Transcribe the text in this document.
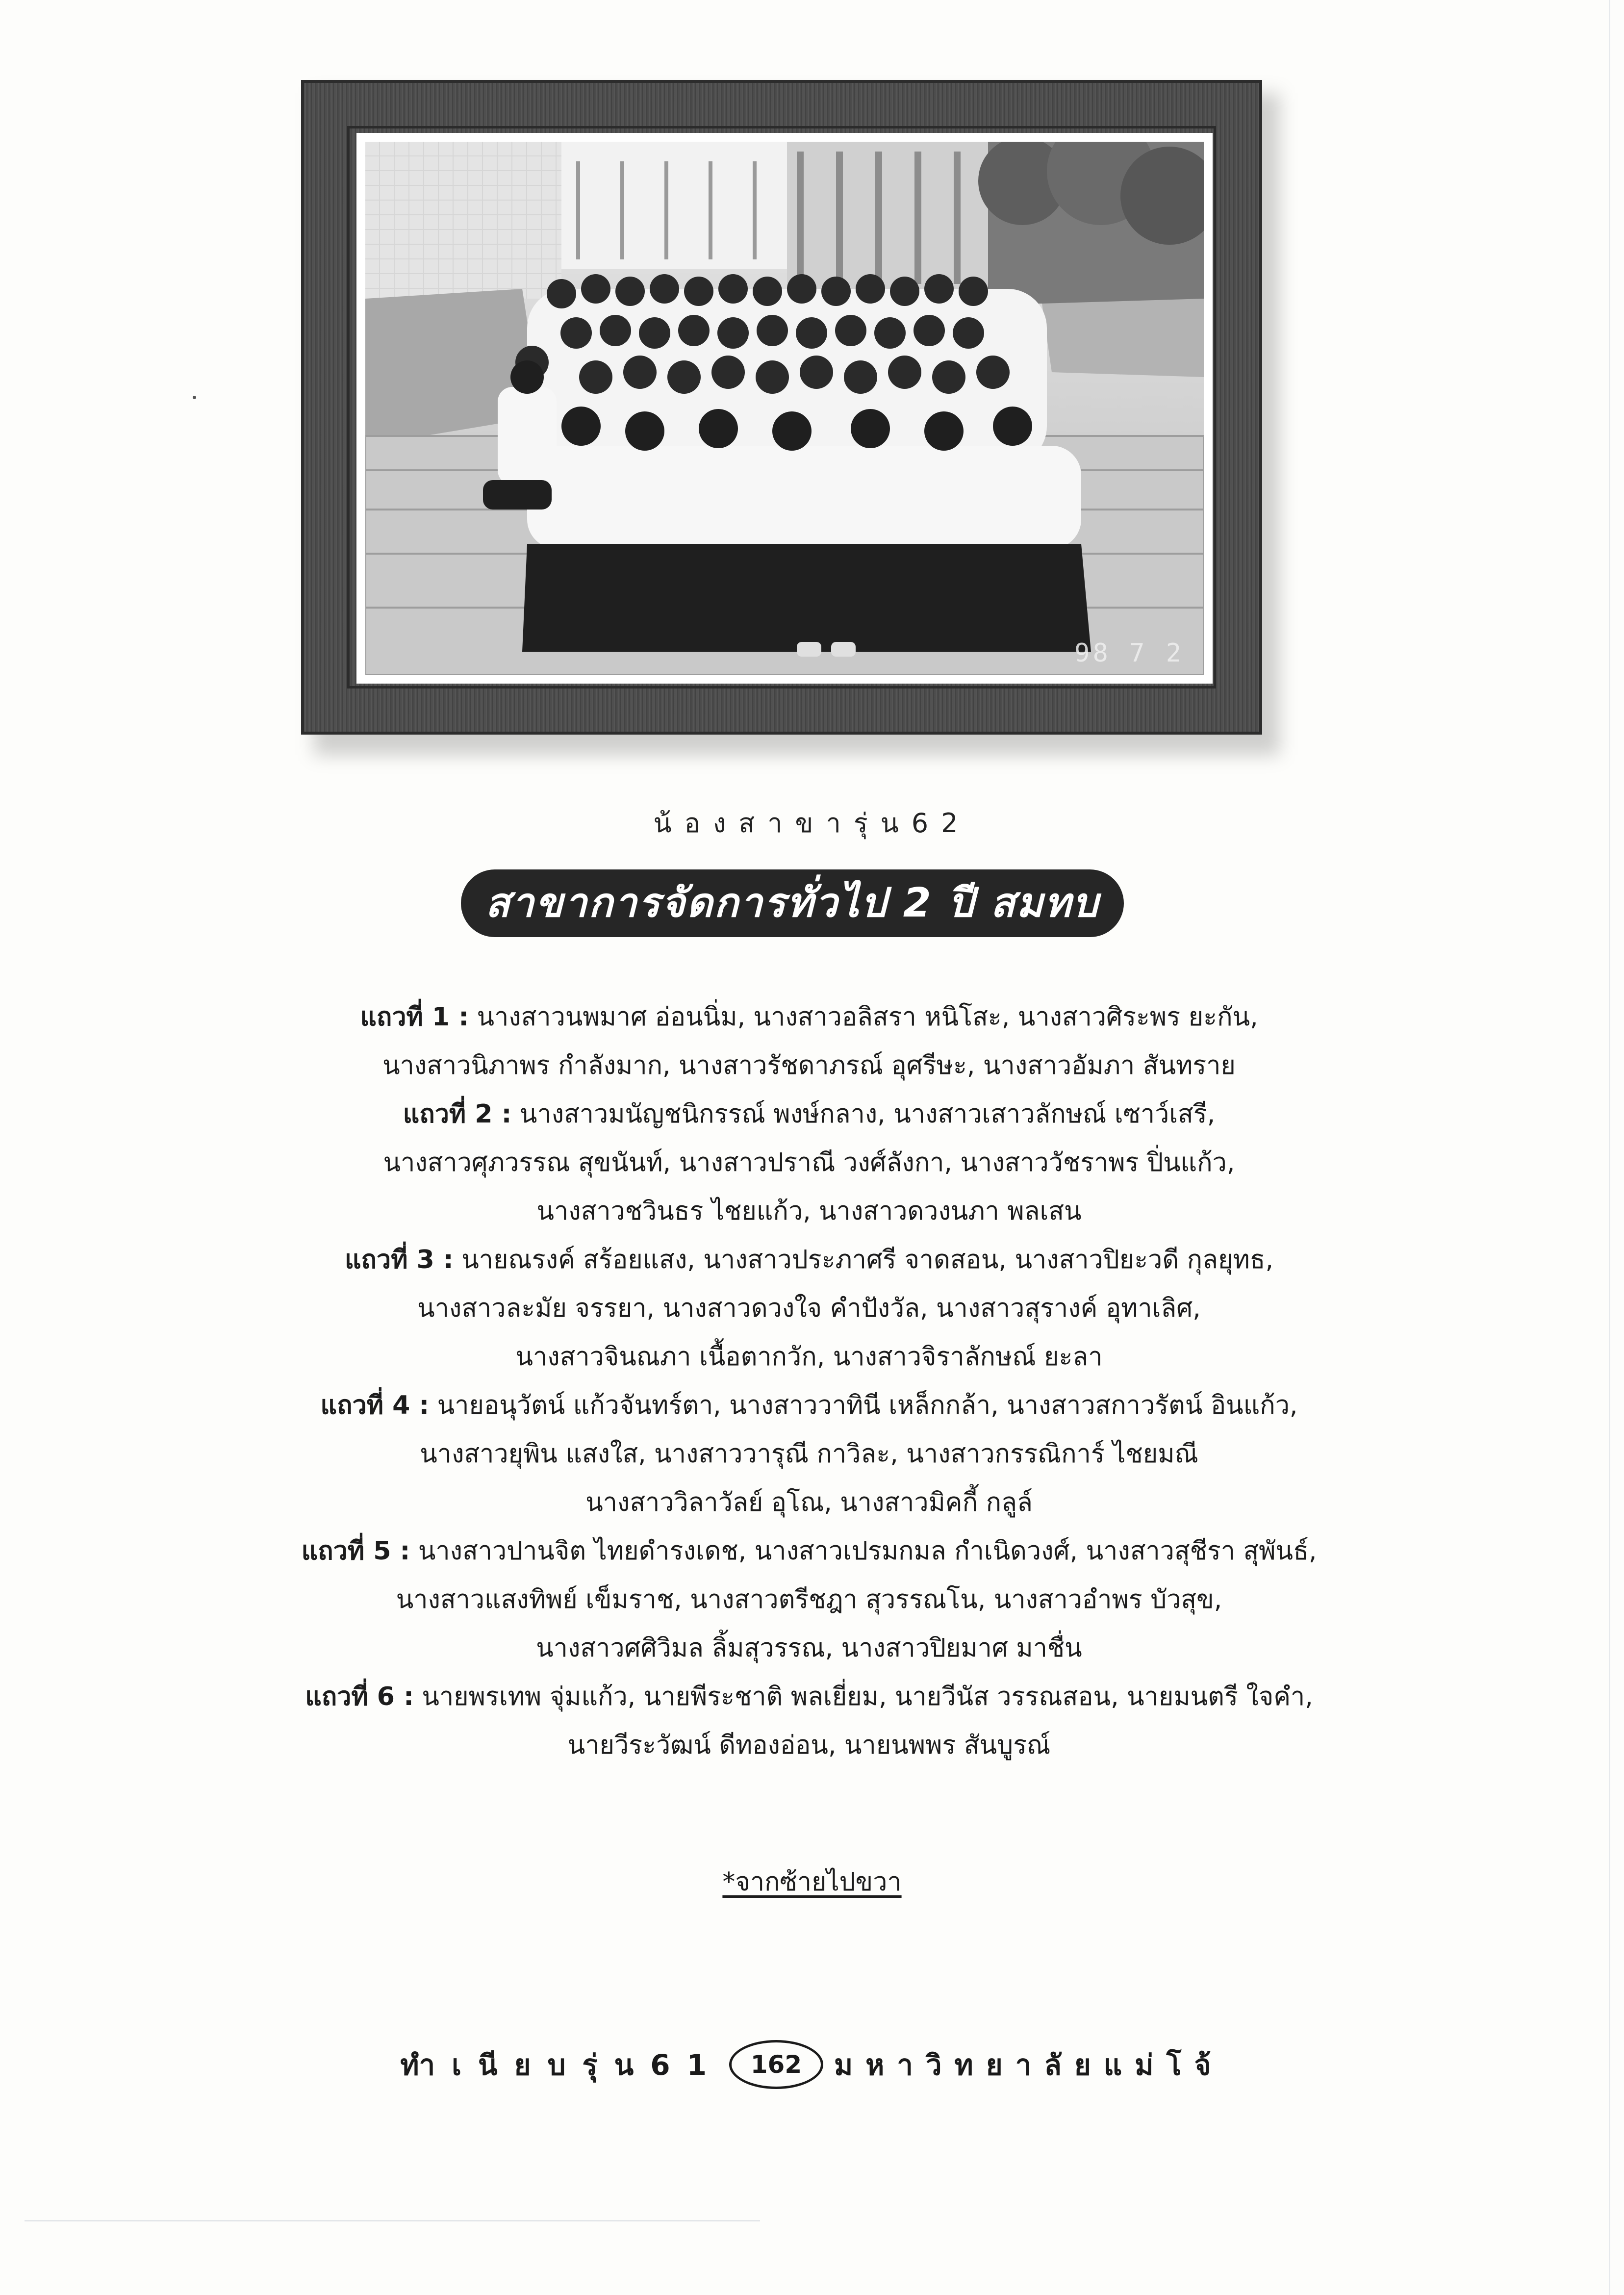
98 7 2
น้องสาขารุ่น62
สาขาการจัดการทั่วไป 2 ปี สมทบ
แถวที่ 1 : นางสาวนพมาศ อ่อนนิ่ม, นางสาวอลิสรา หนิโสะ, นางสาวศิระพร ยะกัน,
นางสาวนิภาพร กำลังมาก, นางสาวรัชดาภรณ์ อุศรีษะ, นางสาวอัมภา สันทราย
แถวที่ 2 : นางสาวมนัญชนิกรรณ์ พงษ์กลาง, นางสาวเสาวลักษณ์ เซาว์เสรี,
นางสาวศุภวรรณ สุขนันท์, นางสาวปราณี วงศ์ลังกา, นางสาววัชราพร ปิ่นแก้ว,
นางสาวชวินธร ไชยแก้ว, นางสาวดวงนภา พลเสน
แถวที่ 3 : นายณรงค์ สร้อยแสง, นางสาวประภาศรี จาดสอน, นางสาวปิยะวดี กุลยุทธ,
นางสาวละมัย จรรยา, นางสาวดวงใจ คำปังวัล, นางสาวสุรางค์ อุทาเลิศ,
นางสาวจินณภา เนื้อตากวัก, นางสาวจิราลักษณ์ ยะลา
แถวที่ 4 : นายอนุวัตน์ แก้วจันทร์ตา, นางสาววาทินี เหล็กกล้า, นางสาวสกาวรัตน์ อินแก้ว,
นางสาวยุพิน แสงใส, นางสาววารุณี กาวิละ, นางสาวกรรณิการ์ ไชยมณี
นางสาววิลาวัลย์ อุโณ, นางสาวมิคกี้ กลูล์
แถวที่ 5 : นางสาวปานจิต ไทยดำรงเดช, นางสาวเปรมกมล กำเนิดวงศ์, นางสาวสุชีรา สุพันธ์,
นางสาวแสงทิพย์ เข็มราช, นางสาวตรีชฎา สุวรรณโน, นางสาวอำพร บัวสุข,
นางสาวศศิวิมล ลิ้มสุวรรณ, นางสาวปิยมาศ มาชื่น
แถวที่ 6 : นายพรเทพ จุ่มแก้ว, นายพีระชาติ พลเยี่ยม, นายวีนัส วรรณสอน, นายมนตรี ใจคำ,
นายวีระวัฒน์ ดีทองอ่อน, นายนพพร สันบูรณ์
*จากซ้ายไปขวา
ทำเนียบรุ่น61	162	มหาวิทยาลัยแม่โจ้
